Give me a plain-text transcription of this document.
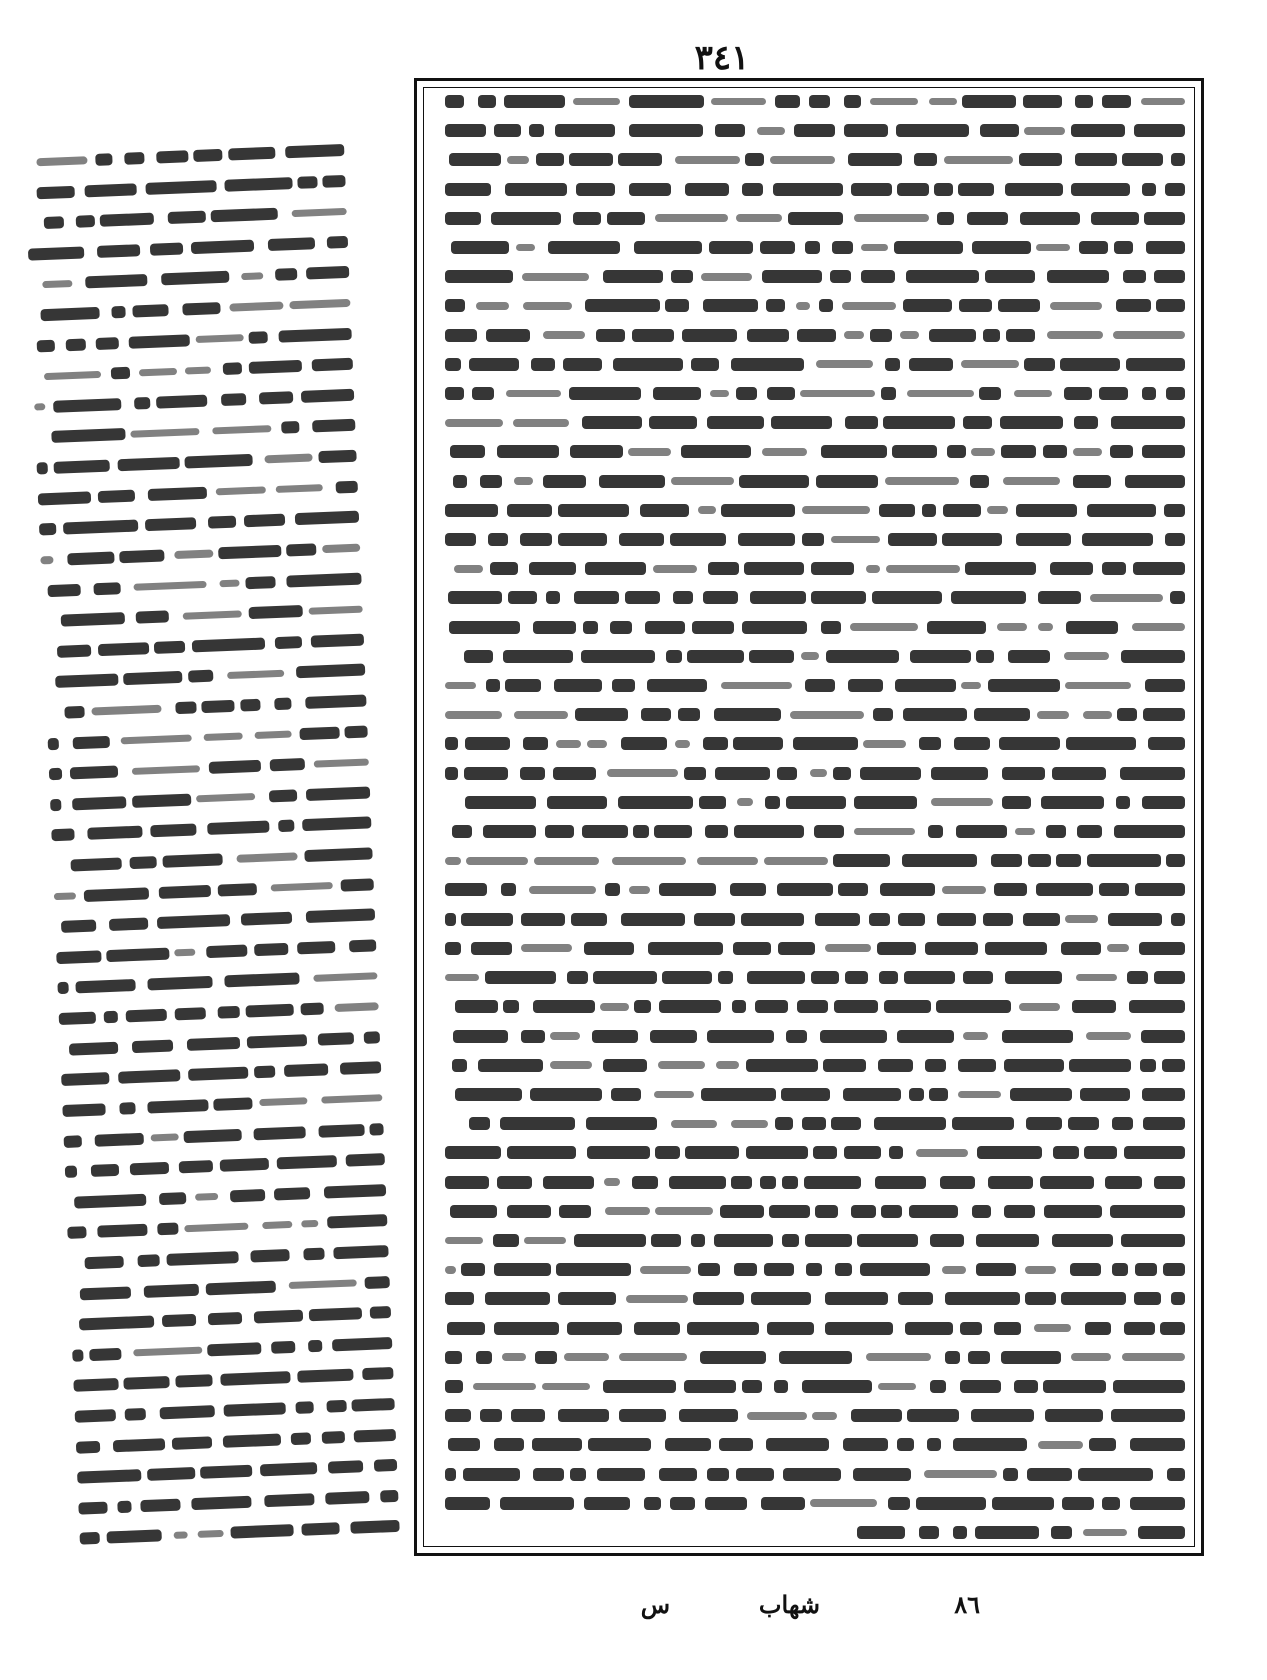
٣٤١
٨٦
شهاب
س
